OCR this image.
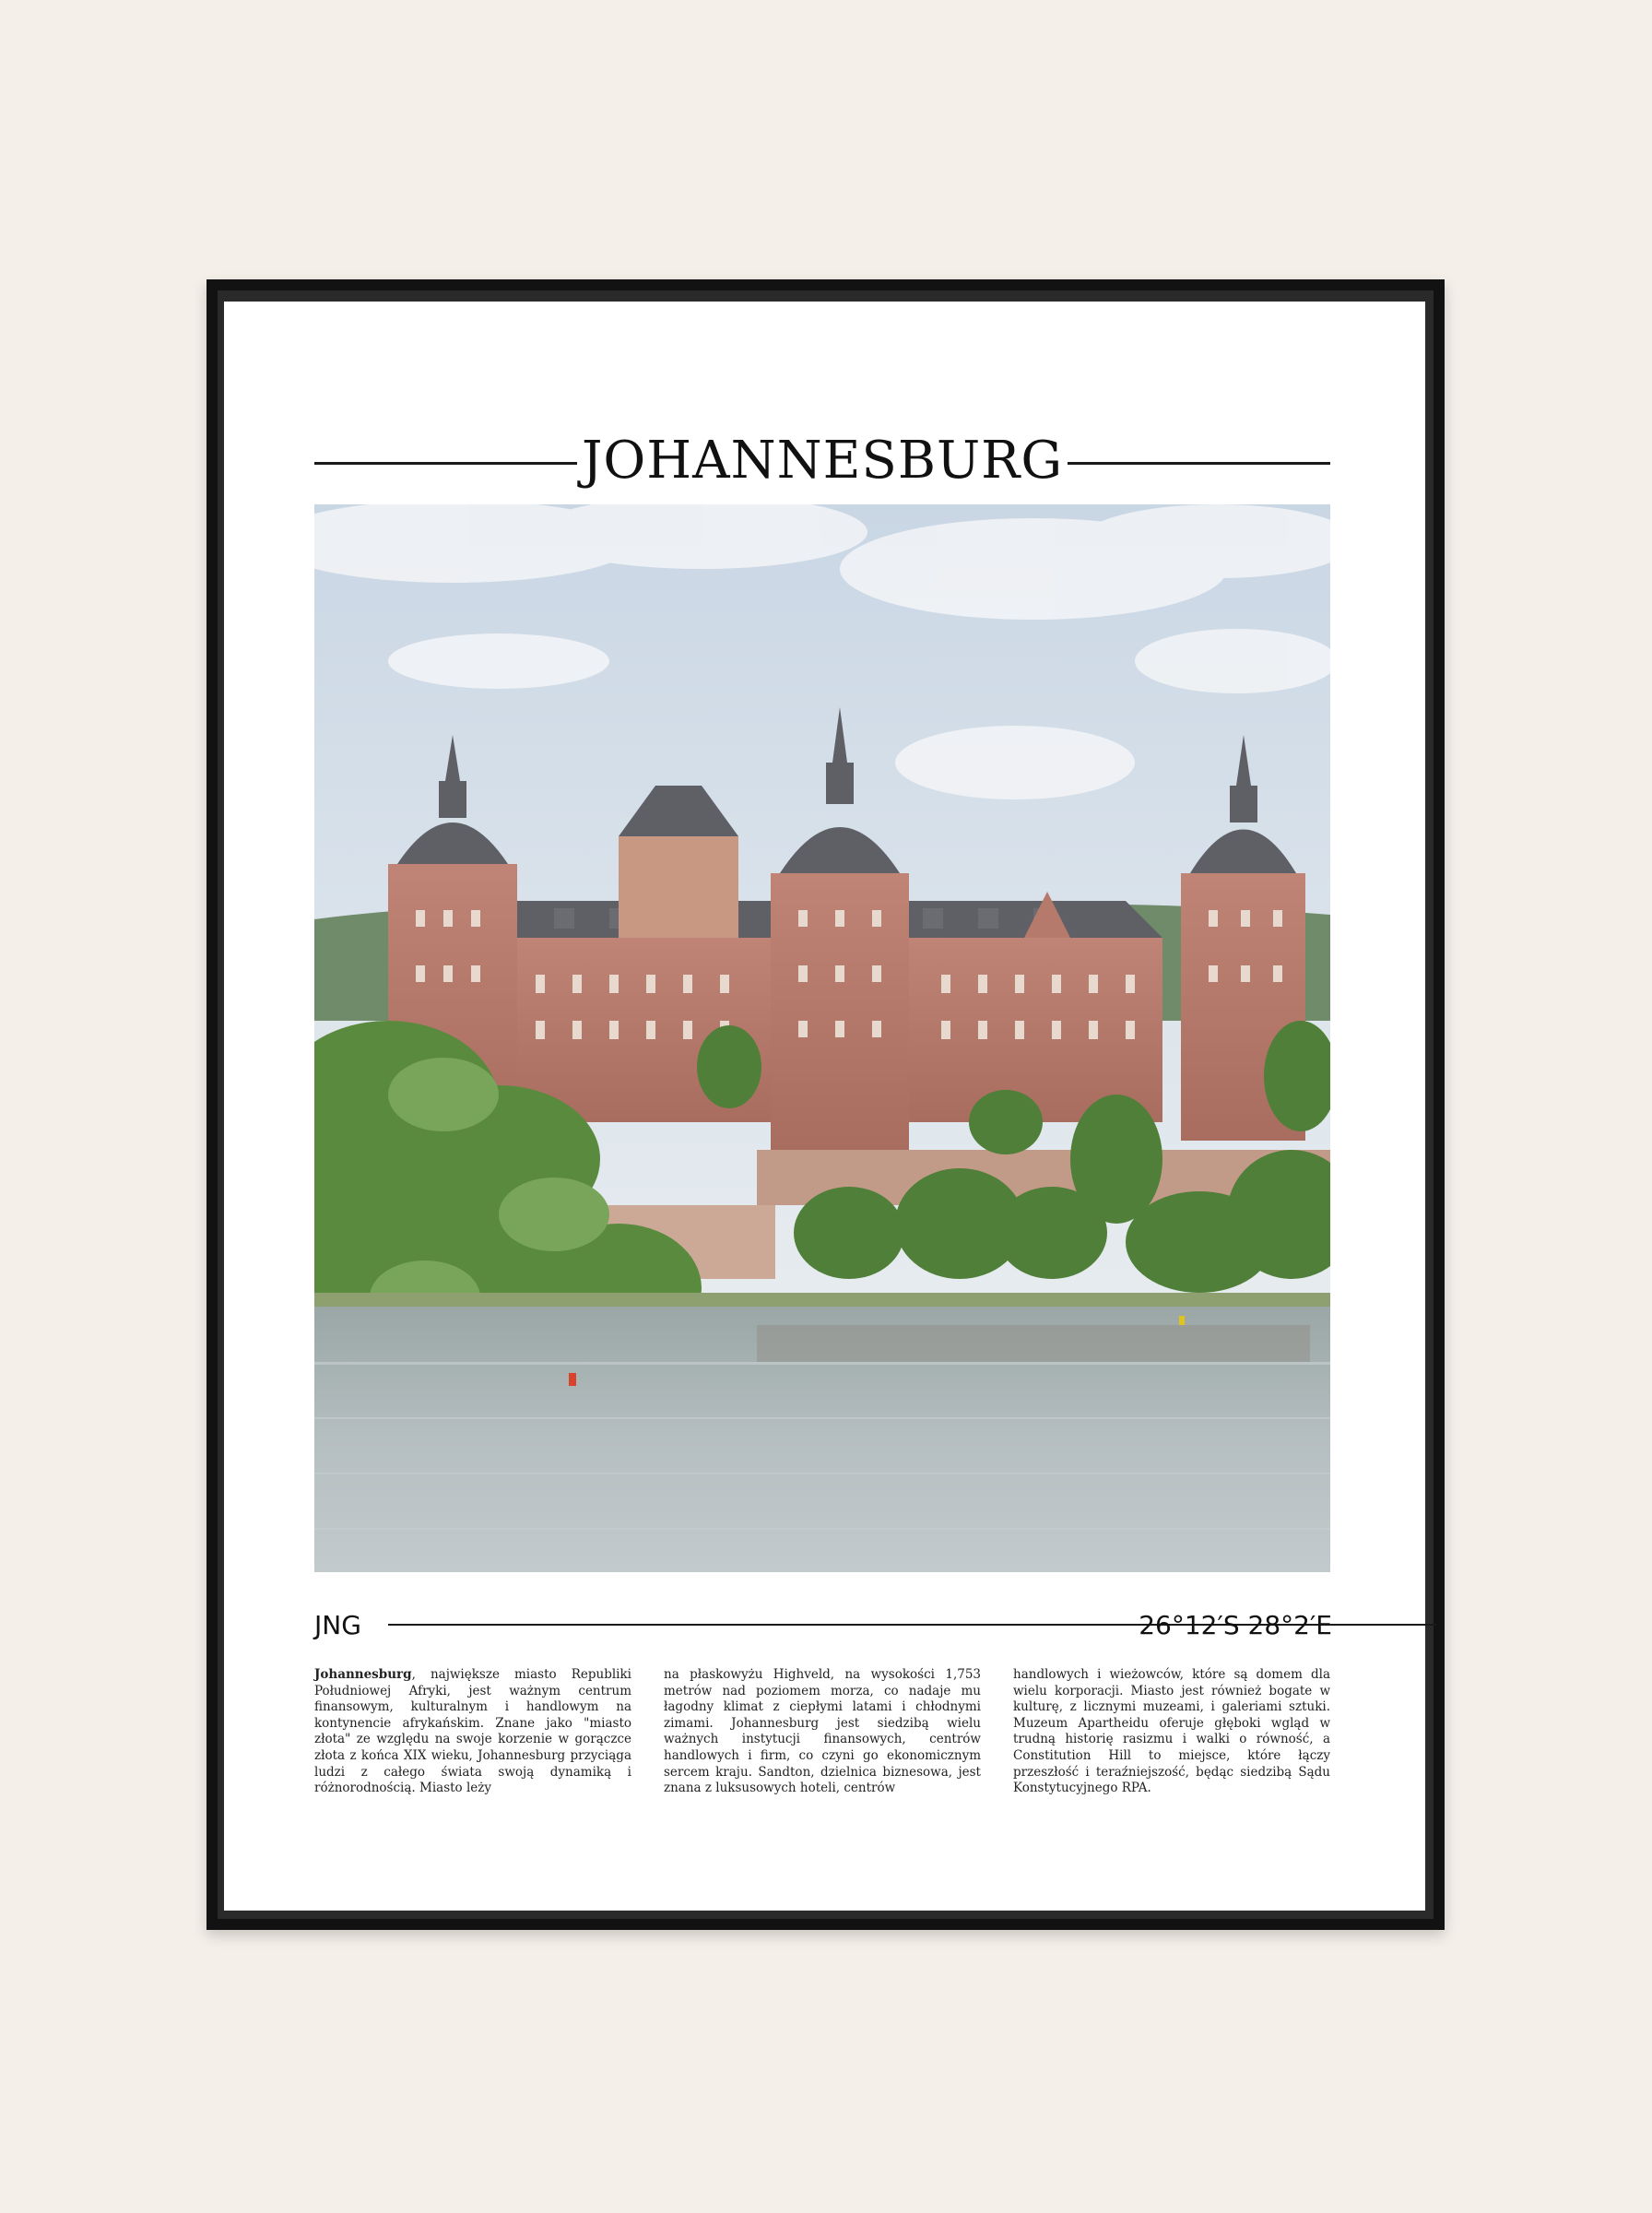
JOHANNESBURG
JNG	26°12′S 28°2′E
Johannesburg, największe miasto Republiki Południowej Afryki, jest ważnym centrum finansowym, kulturalnym i handlowym na kontynencie afrykańskim. Znane jako "miasto złota" ze względu na swoje korzenie w gorączce złota z końca XIX wieku, Johannesburg przyciąga ludzi z całego świata swoją dynamiką i różnorodnością. Miasto leży
na płaskowyżu Highveld, na wysokości 1,753 metrów nad poziomem morza, co nadaje mu łagodny klimat z ciepłymi latami i chłodnymi zimami. Johannesburg jest siedzibą wielu ważnych instytucji finansowych, centrów handlowych i firm, co czyni go ekonomicznym sercem kraju. Sandton, dzielnica biznesowa, jest znana z luksusowych hoteli, centrów
handlowych i wieżowców, które są domem dla wielu korporacji. Miasto jest również bogate w kulturę, z licznymi muzeami, i galeriami sztuki. Muzeum Apartheidu oferuje głęboki wgląd w trudną historię rasizmu i walki o równość, a Constitution Hill to miejsce, które łączy przeszłość i teraźniejszość, będąc siedzibą Sądu Konstytucyjnego RPA.
